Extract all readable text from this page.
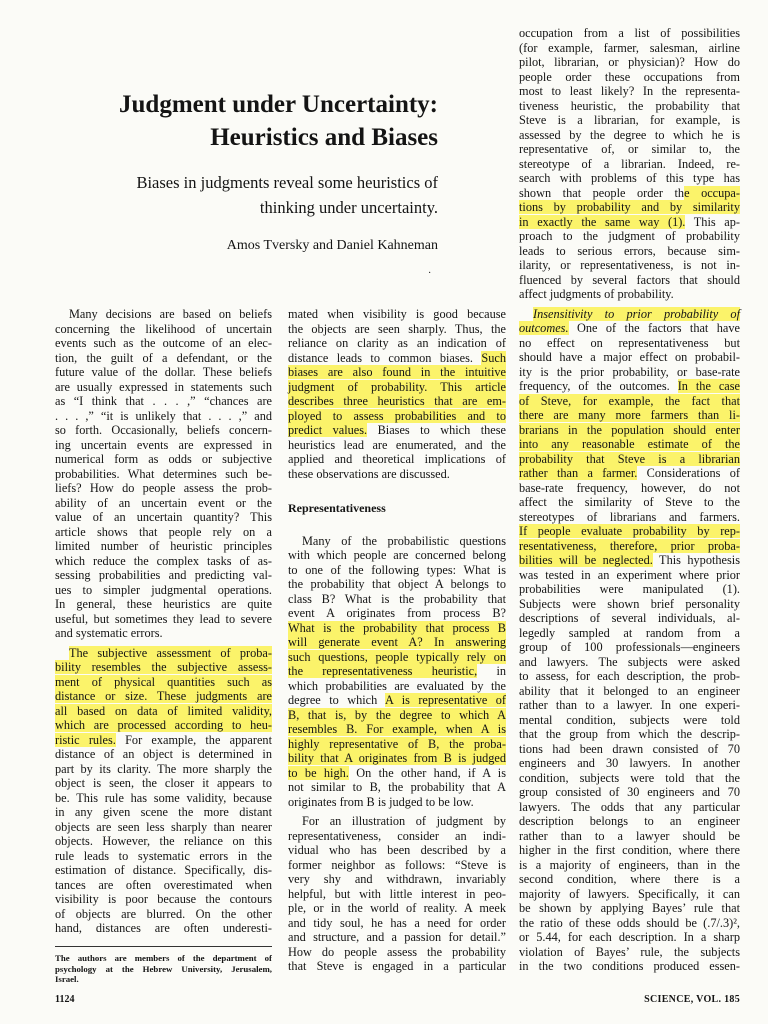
Judgment under Uncertainty:
Heuristics and Biases
Biases in judgments reveal some heuristics of
thinking under uncertainty.
Amos Tversky and Daniel Kahneman
·
Many decisions are based on beliefs
concerning the likelihood of uncertain
events such as the outcome of an elec-
tion, the guilt of a defendant, or the
future value of the dollar. These beliefs
are usually expressed in statements such
as “I think that . . . ,” “chances are
. . . ,” “it is unlikely that . . . ,” and
so forth. Occasionally, beliefs concern-
ing uncertain events are expressed in
numerical form as odds or subjective
probabilities. What determines such be-
liefs? How do people assess the prob-
ability of an uncertain event or the
value of an uncertain quantity? This
article shows that people rely on a
limited number of heuristic principles
which reduce the complex tasks of as-
sessing probabilities and predicting val-
ues to simpler judgmental operations.
In general, these heuristics are quite
useful, but sometimes they lead to severe
and systematic errors.
The subjective assessment of proba-
bility resembles the subjective assess-
ment of physical quantities such as
distance or size. These judgments are
all based on data of limited validity,
which are processed according to heu-
ristic rules. For example, the apparent
distance of an object is determined in
part by its clarity. The more sharply the
object is seen, the closer it appears to
be. This rule has some validity, because
in any given scene the more distant
objects are seen less sharply than nearer
objects. However, the reliance on this
rule leads to systematic errors in the
estimation of distance. Specifically, dis-
tances are often overestimated when
visibility is poor because the contours
of objects are blurred. On the other
hand, distances are often underesti-
mated when visibility is good because
the objects are seen sharply. Thus, the
reliance on clarity as an indication of
distance leads to common biases. Such
biases are also found in the intuitive
judgment of probability. This article
describes three heuristics that are em-
ployed to assess probabilities and to
predict values. Biases to which these
heuristics lead are enumerated, and the
applied and theoretical implications of
these observations are discussed.
Representativeness
Many of the probabilistic questions
with which people are concerned belong
to one of the following types: What is
the probability that object A belongs to
class B? What is the probability that
event A originates from process B?
What is the probability that process B
will generate event A? In answering
such questions, people typically rely on
the representativeness heuristic, in
which probabilities are evaluated by the
degree to which A is representative of
B, that is, by the degree to which A
resembles B. For example, when A is
highly representative of B, the proba-
bility that A originates from B is judged
to be high. On the other hand, if A is
not similar to B, the probability that A
originates from B is judged to be low.
For an illustration of judgment by
representativeness, consider an indi-
vidual who has been described by a
former neighbor as follows: “Steve is
very shy and withdrawn, invariably
helpful, but with little interest in peo-
ple, or in the world of reality. A meek
and tidy soul, he has a need for order
and structure, and a passion for detail.”
How do people assess the probability
that Steve is engaged in a particular
occupation from a list of possibilities
(for example, farmer, salesman, airline
pilot, librarian, or physician)? How do
people order these occupations from
most to least likely? In the representa-
tiveness heuristic, the probability that
Steve is a librarian, for example, is
assessed by the degree to which he is
representative of, or similar to, the
stereotype of a librarian. Indeed, re-
search with problems of this type has
shown that people order the occupa-
tions by probability and by similarity
in exactly the same way (1). This ap-
proach to the judgment of probability
leads to serious errors, because sim-
ilarity, or representativeness, is not in-
fluenced by several factors that should
affect judgments of probability.
Insensitivity to prior probability of
outcomes. One of the factors that have
no effect on representativeness but
should have a major effect on probabil-
ity is the prior probability, or base-rate
frequency, of the outcomes. In the case
of Steve, for example, the fact that
there are many more farmers than li-
brarians in the population should enter
into any reasonable estimate of the
probability that Steve is a librarian
rather than a farmer. Considerations of
base-rate frequency, however, do not
affect the similarity of Steve to the
stereotypes of librarians and farmers.
If people evaluate probability by rep-
resentativeness, therefore, prior proba-
bilities will be neglected. This hypothesis
was tested in an experiment where prior
probabilities were manipulated (1).
Subjects were shown brief personality
descriptions of several individuals, al-
legedly sampled at random from a
group of 100 professionals—engineers
and lawyers. The subjects were asked
to assess, for each description, the prob-
ability that it belonged to an engineer
rather than to a lawyer. In one experi-
mental condition, subjects were told
that the group from which the descrip-
tions had been drawn consisted of 70
engineers and 30 lawyers. In another
condition, subjects were told that the
group consisted of 30 engineers and 70
lawyers. The odds that any particular
description belongs to an engineer
rather than to a lawyer should be
higher in the first condition, where there
is a majority of engineers, than in the
second condition, where there is a
majority of lawyers. Specifically, it can
be shown by applying Bayes’ rule that
the ratio of these odds should be (.7/.3)²,
or 5.44, for each description. In a sharp
violation of Bayes’ rule, the subjects
in the two conditions produced essen-
The authors are members of the department of
psychology at the Hebrew University, Jerusalem,
Israel.
1124	SCIENCE, VOL. 185
